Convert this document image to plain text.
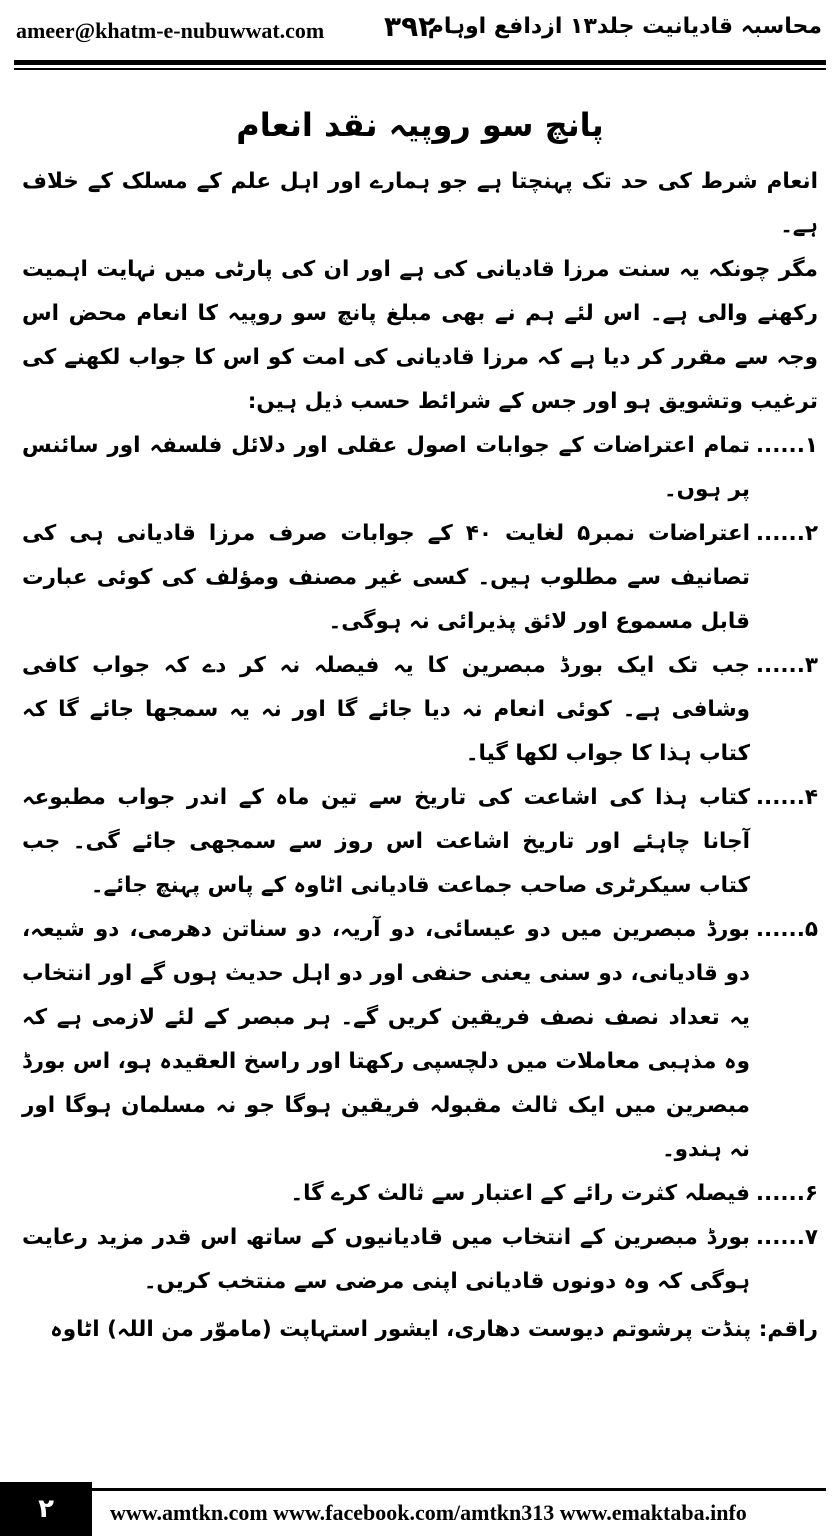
ameer@khatm-e-nubuwwat.com ۳۹۲
محاسبہ قادیانیت جلد۱۳ ازدافع اوہام
پانچ سو روپیہ نقد انعام

انعام شرط کی حد تک پہنچتا ہے جو ہمارے اور اہل علم کے مسلک کے خلاف ہے۔

مگر چونکہ یہ سنت مرزا قادیانی کی ہے اور ان کی پارٹی میں نہایت اہمیت رکھنے والی ہے۔ اس لئے ہم نے بھی مبلغ پانچ سو روپیہ کا انعام محض اس وجہ سے مقرر کر دیا ہے کہ مرزا قادیانی کی امت کو اس کا جواب لکھنے کی ترغیب وتشویق ہو اور جس کے شرائط حسب ذیل ہیں:

۱......
تمام اعتراضات کے جوابات اصول عقلی اور دلائل فلسفہ اور سائنس پر ہوں۔
۲......
اعتراضات نمبر۵ لغایت ۴۰ کے جوابات صرف مرزا قادیانی ہی کی تصانیف سے مطلوب ہیں۔ کسی غیر مصنف ومؤلف کی کوئی عبارت قابل مسموع اور لائق پذیرائی نہ ہوگی۔
۳......
جب تک ایک بورڈ مبصرین کا یہ فیصلہ نہ کر دے کہ جواب کافی وشافی ہے۔ کوئی انعام نہ دیا جائے گا اور نہ یہ سمجھا جائے گا کہ کتاب ہذا کا جواب لکھا گیا۔
۴......
کتاب ہذا کی اشاعت کی تاریخ سے تین ماہ کے اندر جواب مطبوعہ آجانا چاہئے اور تاریخ اشاعت اس روز سے سمجھی جائے گی۔ جب کتاب سیکرٹری صاحب جماعت قادیانی اٹاوہ کے پاس پہنچ جائے۔
۵......
بورڈ مبصرین میں دو عیسائی، دو آریہ، دو سناتن دھرمی، دو شیعہ، دو قادیانی، دو سنی یعنی حنفی اور دو اہل حدیث ہوں گے اور انتخاب یہ تعداد نصف نصف فریقین کریں گے۔ ہر مبصر کے لئے لازمی ہے کہ وہ مذہبی معاملات میں دلچسپی رکھتا اور راسخ العقیدہ ہو، اس بورڈ مبصرین میں ایک ثالث مقبولہ فریقین ہوگا جو نہ مسلمان ہوگا اور نہ ہندو۔
۶......
فیصلہ کثرت رائے کے اعتبار سے ثالث کرے گا۔
۷......
بورڈ مبصرین کے انتخاب میں قادیانیوں کے ساتھ اس قدر مزید رعایت ہوگی کہ وہ دونوں قادیانی اپنی مرضی سے منتخب کریں۔

راقم: پنڈت پرشوتم دیوست دھاری، ایشور استہاپت (ماموّر من اللہ) اٹاوہ

۲	www.amtkn.com www.facebook.com/amtkn313 www.emaktaba.info
